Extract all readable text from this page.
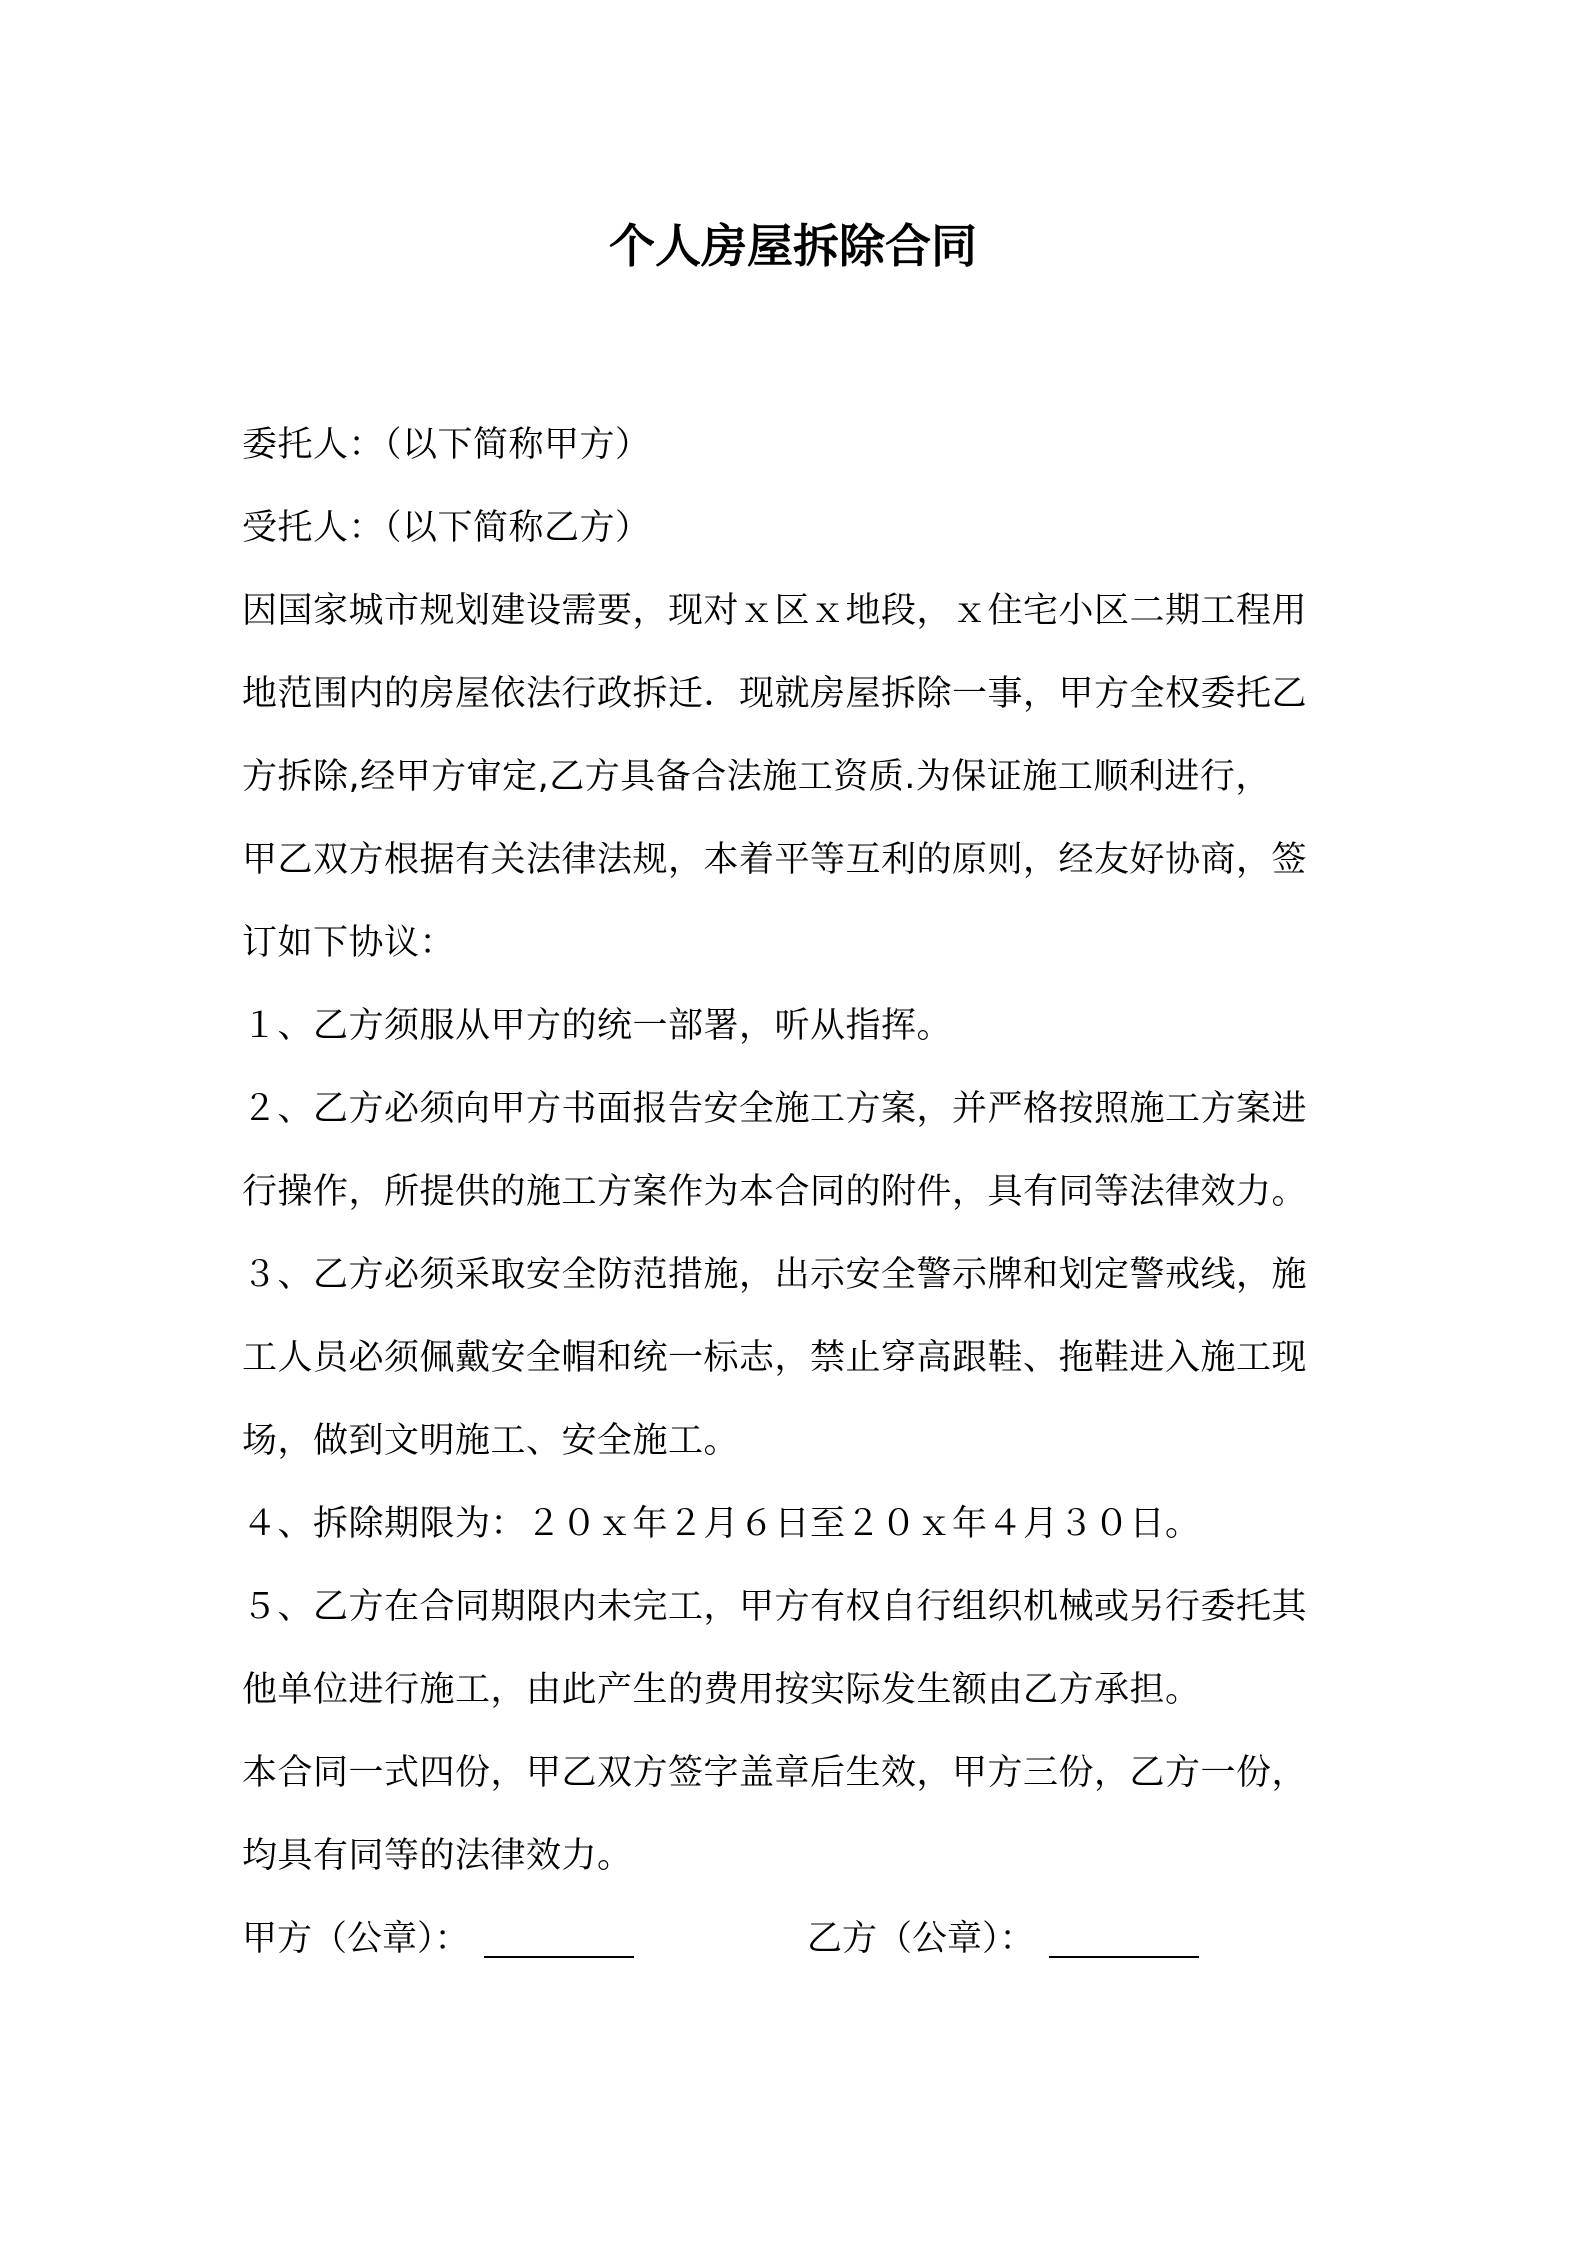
个人房屋拆除合同

委托人：（以下简称甲方）

受托人：（以下简称乙方）

因国家城市规划建设需要，现对ｘ区ｘ地段，ｘ住宅小区二期工程用

地范围内的房屋依法行政拆迁．现就房屋拆除一事，甲方全权委托乙

方拆除,经甲方审定,乙方具备合法施工资质.为保证施工顺利进行，

甲乙双方根据有关法律法规，本着平等互利的原则，经友好协商，签

订如下协议：

１、乙方须服从甲方的统一部署，听从指挥。

２、乙方必须向甲方书面报告安全施工方案，并严格按照施工方案进

行操作，所提供的施工方案作为本合同的附件，具有同等法律效力。

３、乙方必须采取安全防范措施，出示安全警示牌和划定警戒线，施

工人员必须佩戴安全帽和统一标志，禁止穿高跟鞋、拖鞋进入施工现

场，做到文明施工、安全施工。

４、拆除期限为：２０ｘ年２月６日至２０ｘ年４月３０日。

５、乙方在合同期限内未完工，甲方有权自行组织机械或另行委托其

他单位进行施工，由此产生的费用按实际发生额由乙方承担。

本合同一式四份，甲乙双方签字盖章后生效，甲方三份，乙方一份，

均具有同等的法律效力。

甲方（公章）：	乙方（公章）：
